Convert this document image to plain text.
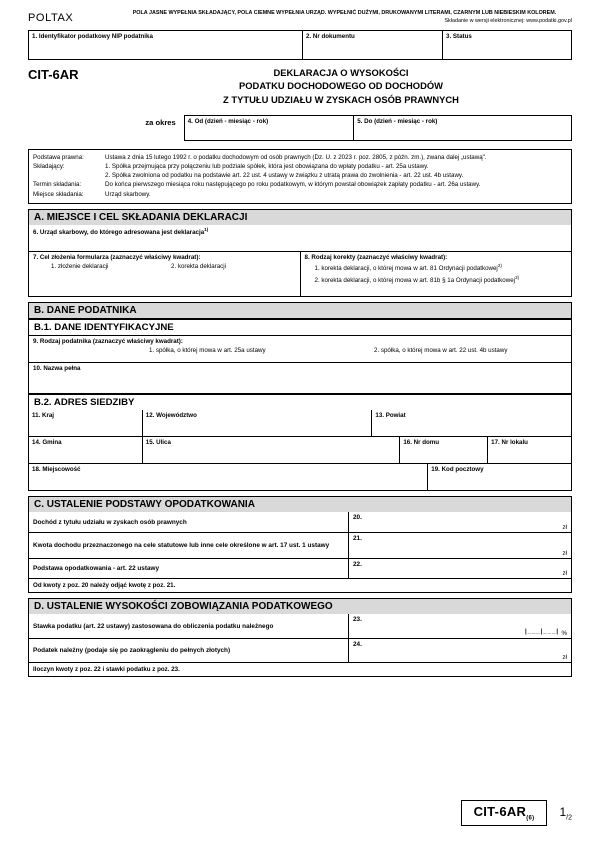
POLTAX	POLA JASNE WYPEŁNIA SKŁADAJĄCY, POLA CIEMNE WYPEŁNIA URZĄD. WYPEŁNIĆ DUŻYMI, DRUKOWANYMI LITERAMI, CZARNYM LUB NIEBIESKIM KOLOREM.
Składanie w wersji elektronicznej: www.podatki.gov.pl
1. Identyfikator podatkowy NIP podatnika	2. Nr dokumentu	3. Status
CIT-6AR	DEKLARACJA O WYSOKOŚCI
PODATKU DOCHODOWEGO OD DOCHODÓW
Z TYTUŁU UDZIAŁU W ZYSKACH OSÓB PRAWNYCH
za okres	4. Od (dzień - miesiąc - rok)	5. Do (dzień - miesiąc - rok)
Podstawa prawna:	Ustawa z dnia 15 lutego 1992 r. o podatku dochodowym od osób prawnych (Dz. U. z 2023 r. poz. 2805, z późn. zm.), zwana dalej „ustawą".
Składający:	1. Spółka przejmująca przy połączeniu lub podziale spółek, która jest obowiązana do wpłaty podatku - art. 25a ustawy.
2. Spółka zwolniona od podatku na podstawie art. 22 ust. 4 ustawy w związku z utratą prawa do zwolnienia - art. 22 ust. 4b ustawy.
Termin składania:	Do końca pierwszego miesiąca roku następującego po roku podatkowym, w którym powstał obowiązek zapłaty podatku - art. 26a ustawy.
Miejsce składania:	Urząd skarbowy.
A. MIEJSCE I CEL SKŁADANIA DEKLARACJI
6. Urząd skarbowy, do którego adresowana jest deklaracja$^{1)}$
7. Cel złożenia formularza (zaznaczyć właściwy kwadrat):
1. złożenie deklaracji	2. korekta deklaracji
8. Rodzaj korekty (zaznaczyć właściwy kwadrat):
1. korekta deklaracji, o której mowa w art. 81 Ordynacji podatkowej$^{2)}$
2. korekta deklaracji, o której mowa w art. 81b § 1a Ordynacji podatkowej$^{3)}$
B. DANE PODATNIKA
B.1. DANE IDENTYFIKACYJNE
9. Rodzaj podatnika (zaznaczyć właściwy kwadrat):
1. spółka, o której mowa w art. 25a ustawy	2. spółka, o której mowa w art. 22 ust. 4b ustawy
10. Nazwa pełna
B.2. ADRES SIEDZIBY
11. Kraj	12. Województwo	13. Powiat
14. Gmina	15. Ulica	16. Nr domu	17. Nr lokalu
18. Miejscowość	19. Kod pocztowy
C. USTALENIE PODSTAWY OPODATKOWANIA
Dochód z tytułu udziału w zyskach osób prawnych
20.
zł
Kwota dochodu przeznaczonego na cele statutowe lub inne cele określone w art. 17 ust. 1 ustawy
21.
zł
Podstawa opodatkowania - art. 22 ustawy
22.
zł
Od kwoty z poz. 20 należy odjąć kwotę z poz. 21.
D. USTALENIE WYSOKOŚCI ZOBOWIĄZANIA PODATKOWEGO
Stawka podatku (art. 22 ustawy) zastosowana do obliczenia podatku należnego
23.
|___|___| %
Podatek należny (podaje się po zaokrągleniu do pełnych złotych)
24.
zł
Iloczyn kwoty z poz. 22 i stawki podatku z poz. 23.
CIT-$6AR_{(6)}$	$1_{/2}$
